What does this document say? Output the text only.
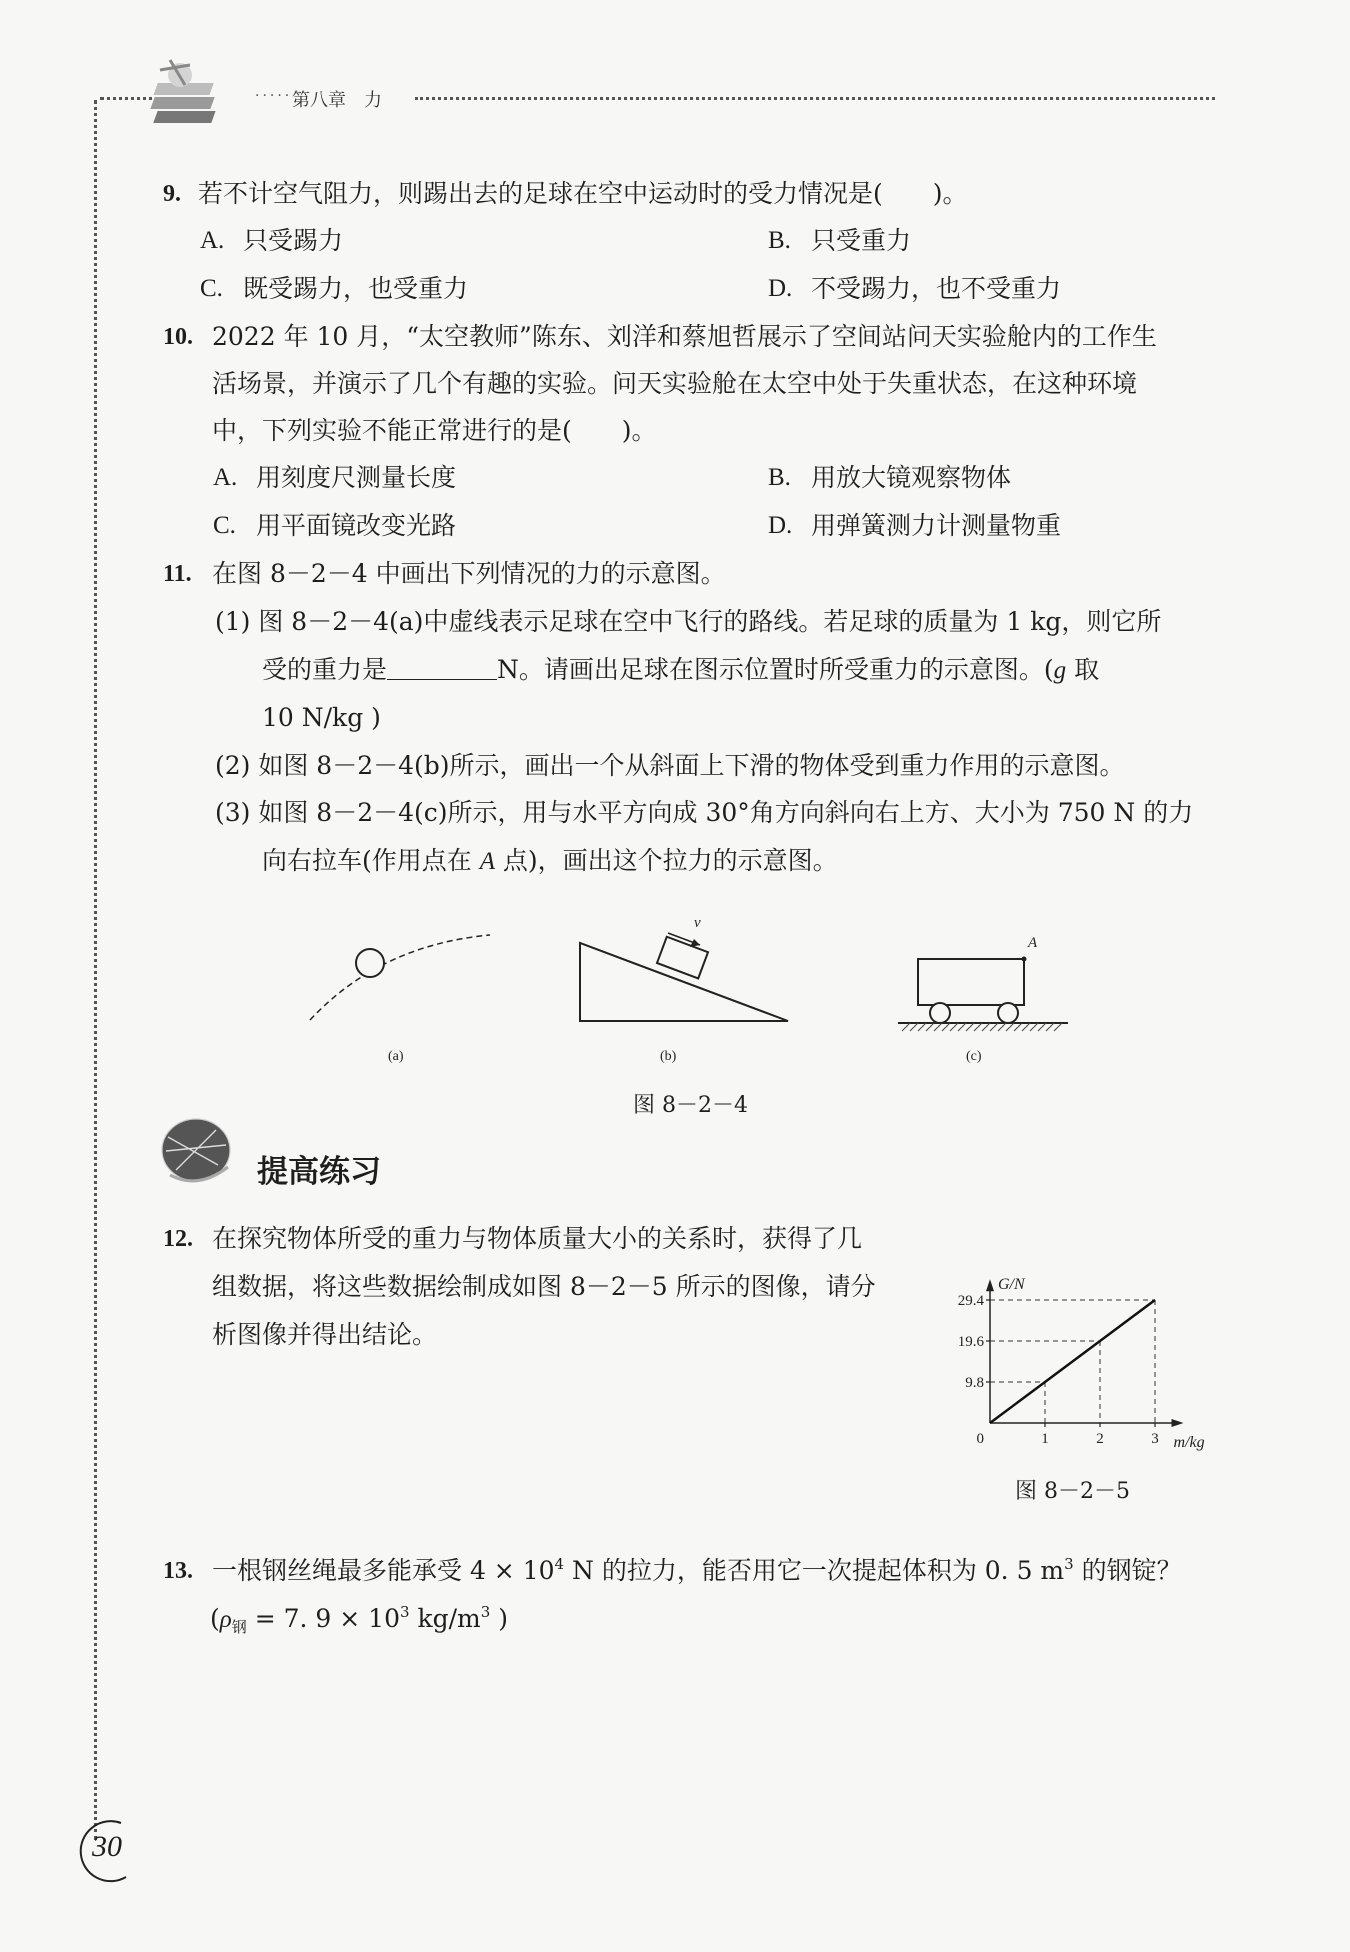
····· 第八章　力
9. 若不计空气阻力，则踢出去的足球在空中运动时的受力情况是(　　)。
A. 只受踢力	B. 只受重力
C. 既受踢力，也受重力	D. 不受踢力，也不受重力
10. 2022 年 10 月，“太空教师”陈东、刘洋和蔡旭哲展示了空间站问天实验舱内的工作生
活场景，并演示了几个有趣的实验。问天实验舱在太空中处于失重状态，在这种环境
中，下列实验不能正常进行的是(　　)。
A. 用刻度尺测量长度	B. 用放大镜观察物体
C. 用平面镜改变光路	D. 用弹簧测力计测量物重
11. 在图 8－2－4 中画出下列情况的力的示意图。
(1) 图 8－2－4(a)中虚线表示足球在空中飞行的路线。若足球的质量为 1 kg，则它所
受的重力是	N。请画出足球在图示位置时所受重力的示意图。(g 取
10 N/kg )
(2) 如图 8－2－4(b)所示，画出一个从斜面上下滑的物体受到重力作用的示意图。
(3) 如图 8－2－4(c)所示，用与水平方向成 30°角方向斜向右上方、大小为 750 N 的力
向右拉车(作用点在 A 点)，画出这个拉力的示意图。
v
A
(a)	(b)	(c)
图 8－2－4
提高练习
12. 在探究物体所受的重力与物体质量大小的关系时，获得了几
组数据，将这些数据绘制成如图 8－2－5 所示的图像，请分
析图像并得出结论。
9.8
1
19.6
2
29.4
3
0
G/N
m/kg
图 8－2－5
13. 一根钢丝绳最多能承受 $4 \times 10^4$ N 的拉力，能否用它一次提起体积为 0. 5 $m^3$ 的钢锭？
($\rho_钢 = 7$. $9 \times 10^3$ $kg/m^3$ )
30
